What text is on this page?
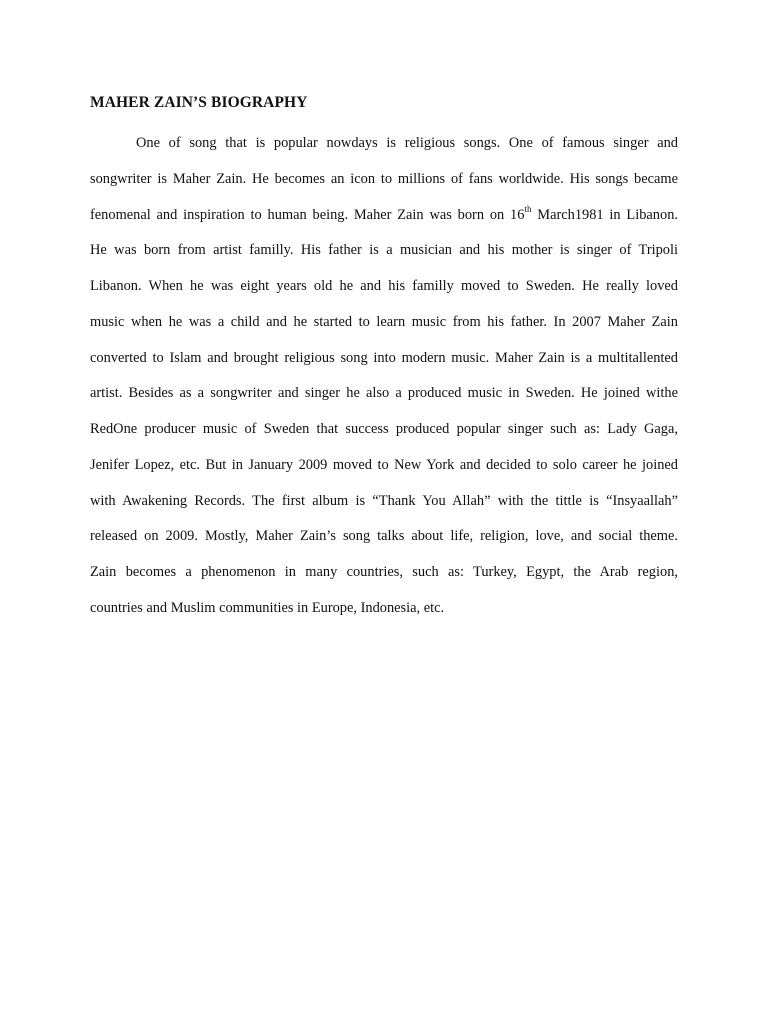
MAHER ZAIN’S BIOGRAPHY
One of song that is popular nowdays is religious songs. One of famous singer and
songwriter is Maher Zain. He becomes an icon to millions of fans worldwide. His songs became
fenomenal and inspiration to human being. Maher Zain was born on 16th March1981 in Libanon.
He was born from artist familly. His father is a musician and his mother is singer of Tripoli
Libanon. When he was eight years old he and his familly moved to Sweden. He really loved
music when he was a child and he started to learn music from his father. In 2007 Maher Zain
converted to Islam and brought religious song into modern music. Maher Zain is a multitallented
artist. Besides as a songwriter and singer he also a produced music in Sweden. He joined withe
RedOne producer music of Sweden that success produced popular singer such as: Lady Gaga,
Jenifer Lopez, etc. But in January 2009 moved to New York and decided to solo career he joined
with Awakening Records. The first album is “Thank You Allah” with the tittle is “Insyaallah”
released on 2009. Mostly, Maher Zain’s song talks about life, religion, love, and social theme.
Zain becomes a phenomenon in many countries, such as: Turkey, Egypt, the Arab region,
countries and Muslim communities in Europe, Indonesia, etc.
